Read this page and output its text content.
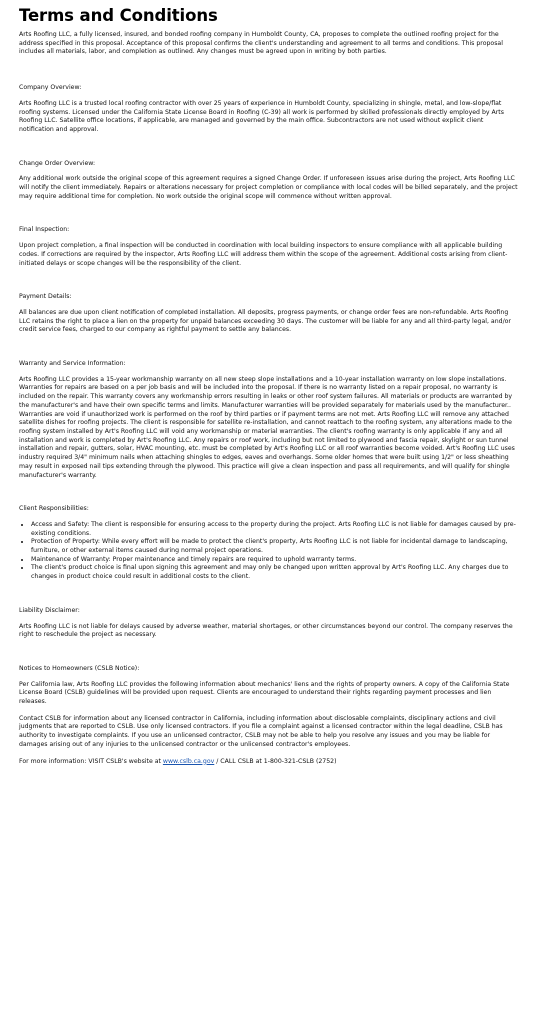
Terms and Conditions

Arts Roofing LLC, a fully licensed, insured, and bonded roofing company in Humboldt County, CA, proposes to complete the outlined roofing project for the address specified in this proposal. Acceptance of this proposal confirms the client's understanding and agreement to all terms and conditions. This proposal includes all materials, labor, and completion as outlined. Any changes must be agreed upon in writing by both parties.

Company Overview:

Arts Roofing LLC is a trusted local roofing contractor with over 25 years of experience in Humboldt County, specializing in shingle, metal, and low-slope/flat roofing systems. Licensed under the California State License Board in Roofing (C-39) all work is performed by skilled professionals directly employed by Arts Roofing LLC. Satellite office locations, if applicable, are managed and governed by the main office. Subcontractors are not used without explicit client notification and approval.

Change Order Overview:

Any additional work outside the original scope of this agreement requires a signed Change Order. If unforeseen issues arise during the project, Arts Roofing LLC will notify the client immediately. Repairs or alterations necessary for project completion or compliance with local codes will be billed separately, and the project may require additional time for completion. No work outside the original scope will commence without written approval.

Final Inspection:

Upon project completion, a final inspection will be conducted in coordination with local building inspectors to ensure compliance with all applicable building codes. If corrections are required by the inspector, Arts Roofing LLC will address them within the scope of the agreement. Additional costs arising from client-initiated delays or scope changes will be the responsibility of the client.

Payment Details:

All balances are due upon client notification of completed installation. All deposits, progress payments, or change order fees are non-refundable. Arts Roofing LLC retains the right to place a lien on the property for unpaid balances exceeding 30 days. The customer will be liable for any and all third-party legal, and/or credit service fees, charged to our company as rightful payment to settle any balances.

Warranty and Service Information:

Arts Roofing LLC provides a 15-year workmanship warranty on all new steep slope installations and a 10-year installation warranty on low slope installations. Warranties for repairs are based on a per job basis and will be included into the proposal. If there is no warranty listed on a repair proposal, no warranty is included on the repair. This warranty covers any workmanship errors resulting in leaks or other roof system failures. All materials or products are warranted by the manufacturer's and have their own specific terms and limits. Manufacturer warranties will be provided separately for materials used by the manufacturer.. Warranties are void if unauthorized work is performed on the roof by third parties or if payment terms are not met. Arts Roofing LLC will remove any attached satellite dishes for roofing projects. The client is responsible for satellite re-installation, and cannot reattach to the roofing system, any alterations made to the roofing system installed by Art's Roofing LLC will void any workmanship or material warranties. The client's roofing warranty is only applicable if any and all installation and work is completed by Art's Roofing LLC. Any repairs or roof work, including but not limited to plywood and fascia repair, skylight or sun tunnel installation and repair, gutters, solar, HVAC mounting, etc. must be completed by Art's Roofing LLC or all roof warranties become voided. Art's Roofing LLC uses industry required 3/4" minimum nails when attaching shingles to edges, eaves and overhangs. Some older homes that were built using 1/2" or less sheathing may result in exposed nail tips extending through the plywood. This practice will give a clean inspection and pass all requirements, and will qualify for shingle manufacturer's warranty.

Client Responsibilities:
• Access and Safety: The client is responsible for ensuring access to the property during the project. Arts Roofing LLC is not liable for damages caused by pre-existing conditions.
• Protection of Property: While every effort will be made to protect the client's property, Arts Roofing LLC is not liable for incidental damage to landscaping, furniture, or other external items caused during normal project operations.
• Maintenance of Warranty: Proper maintenance and timely repairs are required to uphold warranty terms.
• The client's product choice is final upon signing this agreement and may only be changed upon written approval by Art's Roofing LLC. Any charges due to changes in product choice could result in additional costs to the client.
Liability Disclaimer:

Arts Roofing LLC is not liable for delays caused by adverse weather, material shortages, or other circumstances beyond our control. The company reserves the right to reschedule the project as necessary.

Notices to Homeowners (CSLB Notice):

Per California law, Arts Roofing LLC provides the following information about mechanics' liens and the rights of property owners. A copy of the California State License Board (CSLB) guidelines will be provided upon request. Clients are encouraged to understand their rights regarding payment processes and lien releases.

Contact CSLB for information about any licensed contractor in California, including information about disclosable complaints, disciplinary actions and civil judgments that are reported to CSLB. Use only licensed contractors. If you file a complaint against a licensed contractor within the legal deadline, CSLB has authority to investigate complaints. If you use an unlicensed contractor, CSLB may not be able to help you resolve any issues and you may be liable for damages arising out of any injuries to the unlicensed contractor or the unlicensed contractor's employees.

For more information: VISIT CSLB's website at www.cslb.ca.gov / CALL CSLB at 1-800-321-CSLB (2752)
